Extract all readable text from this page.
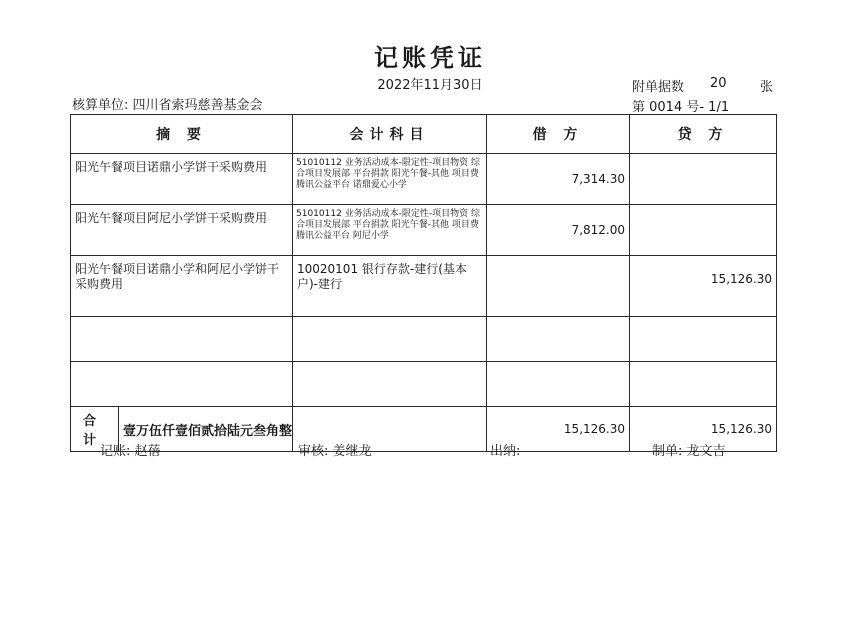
记账凭证
2022年11月30日	附单据数 20	张
第 0014 号- 1/1
核算单位: 四川省索玛慈善基金会
摘 要	会计科目	借 方	贷 方
阳光午餐项目诺鼎小学饼干采购费用	51010112 业务活动成本-限定性-项目物资 综合项目发展部 平台捐款 阳光午餐-其他 项目费 腾讯公益平台 诺鼎爱心小学	7,314.30	
阳光午餐项目阿尼小学饼干采购费用	51010112 业务活动成本-限定性-项目物资 综合项目发展部 平台捐款 阳光午餐-其他 项目费 腾讯公益平台 阿尼小学	7,812.00	
阳光午餐项目诺鼎小学和阿尼小学饼干采购费用	10020101 银行存款-建行(基本户)-建行		15,126.30

合 计
壹万伍仟壹佰贰拾陆元叁角整		15,126.30	15,126.30
记账: 赵蓓	审核: 姜继龙	出纳:	制单: 龙文吉
